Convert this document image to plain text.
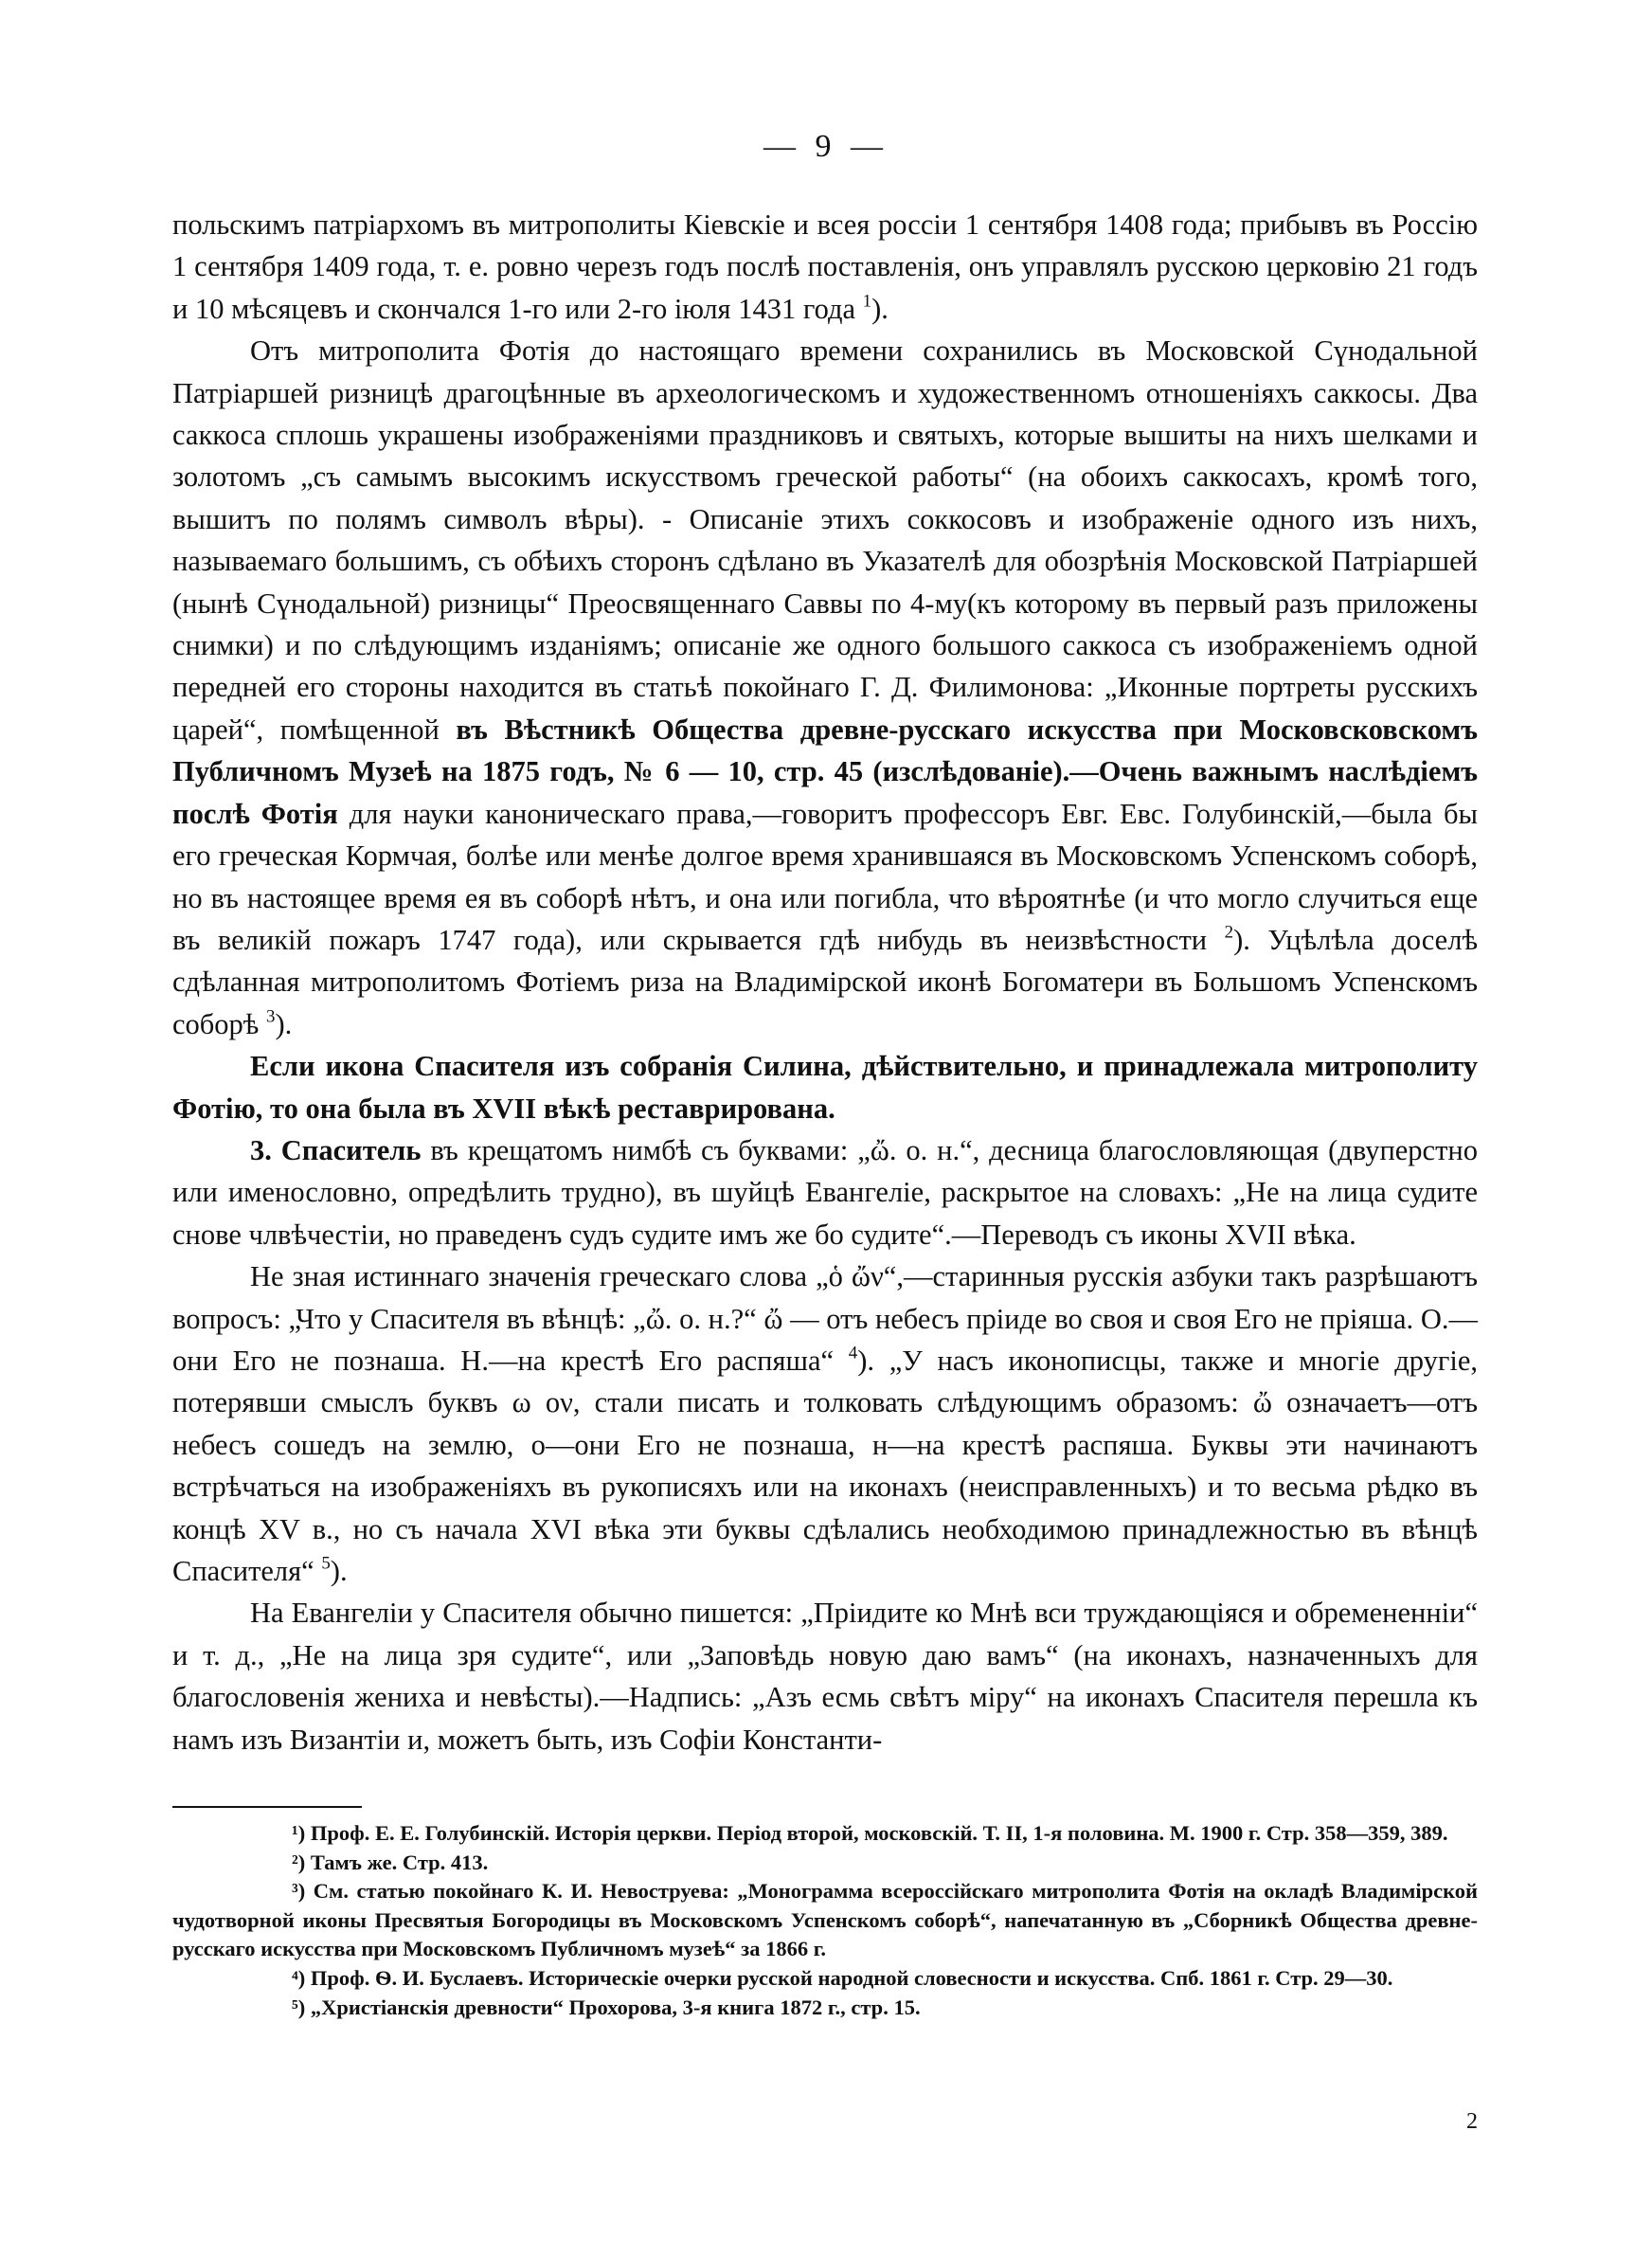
— 9 —

польскимъ патріархомъ въ митрополиты Кіевскіе и всея россіи 1 сентября 1408 года; прибывъ въ Россію 1 сентября 1409 года, т. е. ровно черезъ годъ послѣ поставленія, онъ управлялъ русскою церковію 21 годъ и 10 мѣсяцевъ и скончался 1-го или 2-го іюля 1431 года $^1$).

Отъ митрополита Фотія до настоящаго времени сохранились въ Московской Сүнодальной Патріаршей ризницѣ драгоцѣнные въ археологическомъ и художественномъ отношеніяхъ саккосы. Два саккоса сплошь украшены изображеніями праздниковъ и святыхъ, которые вышиты на нихъ шелками и золотомъ „съ самымъ высокимъ искусствомъ греческой работы“ (на обоихъ саккосахъ, кромѣ того, вышитъ по полямъ символъ вѣры). - Описаніе этихъ соккосовъ и изображеніе одного изъ нихъ, называемаго большимъ, съ обѣихъ сторонъ сдѣлано въ Указателѣ для обозрѣнія Московской Патріаршей (нынѣ Сүнодальной) ризницы“ Преосвященнаго Саввы по 4-му(къ которому въ первый разъ приложены снимки) и по слѣдующимъ изданіямъ; описаніе же одного большого саккоса съ изображеніемъ одной передней его стороны находится въ статьѣ покойнаго Г. Д. Филимонова: „Иконные портреты русскихъ царей“, помѣщенной въ Вѣстникѣ Общества древне-русскаго искусства при Московсковскомъ Публичномъ Музеѣ на 1875 годъ, № 6 — 10, стр. 45 (изслѣдованіе).—Очень важнымъ наслѣдіемъ послѣ Фотія для науки каноническаго права,—говоритъ профессоръ Евг. Евс. Голубинскій,—была бы его греческая Кормчая, болѣе или менѣе долгое время хранившаяся въ Московскомъ Успенскомъ соборѣ, но въ настоящее время ея въ соборѣ нѣтъ, и она или погибла, что вѣроятнѣе (и что могло случиться еще въ великій пожаръ 1747 года), или скрывается гдѣ нибудь въ неизвѣстности $^2$). Уцѣлѣла доселѣ сдѣланная митрополитомъ Фотіемъ риза на Владимірской иконѣ Богоматери въ Большомъ Успенскомъ соборѣ $^3$).

Если икона Спасителя изъ собранія Силина, дѣйствительно, и принадлежала митрополиту Фотію, то она была въ XVII вѣкѣ реставрирована.

3. Спаситель въ крещатомъ нимбѣ съ буквами: „ὤ. о. н.“, десница благословляющая (двуперстно или именословно, опредѣлить трудно), въ шуйцѣ Евангеліе, раскрытое на словахъ: „Не на лица судите снове члвѣчестіи, но праведенъ судъ судите имъ же бо судите“.—Переводъ съ иконы XVII вѣка.

Не зная истиннаго значенія греческаго слова „ὁ ὤν“,—старинныя русскія азбуки такъ разрѣшаютъ вопросъ: „Что у Спасителя въ вѣнцѣ: „ὤ. о. н.?“ ὤ — отъ небесъ пріиде во своя и своя Его не пріяша. О.—они Его не познаша. Н.—на крестѣ Его распяша“ $^4$). „У насъ иконописцы, также и многіе другіе, потерявши смыслъ буквъ ω ον, стали писать и толковать слѣдующимъ образомъ: ὤ означаетъ—отъ небесъ сошедъ на землю, о—они Его не познаша, н—на крестѣ распяша. Буквы эти начинаютъ встрѣчаться на изображеніяхъ въ рукописяхъ или на иконахъ (неисправленныхъ) и то весьма рѣдко въ концѣ XV в., но съ начала XVI вѣка эти буквы сдѣлались необходимою принадлежностью въ вѣнцѣ Спасителя“ $^5$).

На Евангеліи у Спасителя обычно пишется: „Пріидите ко Мнѣ вси труждающіяся и обремененніи“ и т. д., „Не на лица зря судите“, или „Заповѣдь новую даю вамъ“ (на иконахъ, назначенныхъ для благословенія жениха и невѣсты).—Надпись: „Азъ есмь свѣтъ міру“ на иконахъ Спасителя перешла къ намъ изъ Византіи и, можетъ быть, изъ Софіи Константи-

¹) Проф. Е. Е. Голубинскій. Исторія церкви. Період второй, московскій. Т. II, 1-я половина. М. 1900 г. Стр. 358—359, 389.

²) Тамъ же. Стр. 413.

³) См. статью покойнаго К. И. Невоструева: „Монограмма всероссійскаго митрополита Фотія на окладѣ Владимірской чудотворной иконы Пресвятыя Богородицы въ Московскомъ Успенскомъ соборѣ“, напечатанную въ „Сборникѣ Общества древне-русскаго искусства при Московскомъ Публичномъ музеѣ“ за 1866 г.

⁴) Проф. Ѳ. И. Буслаевъ. Историческіе очерки русской народной словесности и искусства. Спб. 1861 г. Стр. 29—30.

⁵) „Христіанскія древности“ Прохорова, 3-я книга 1872 г., стр. 15.

2
